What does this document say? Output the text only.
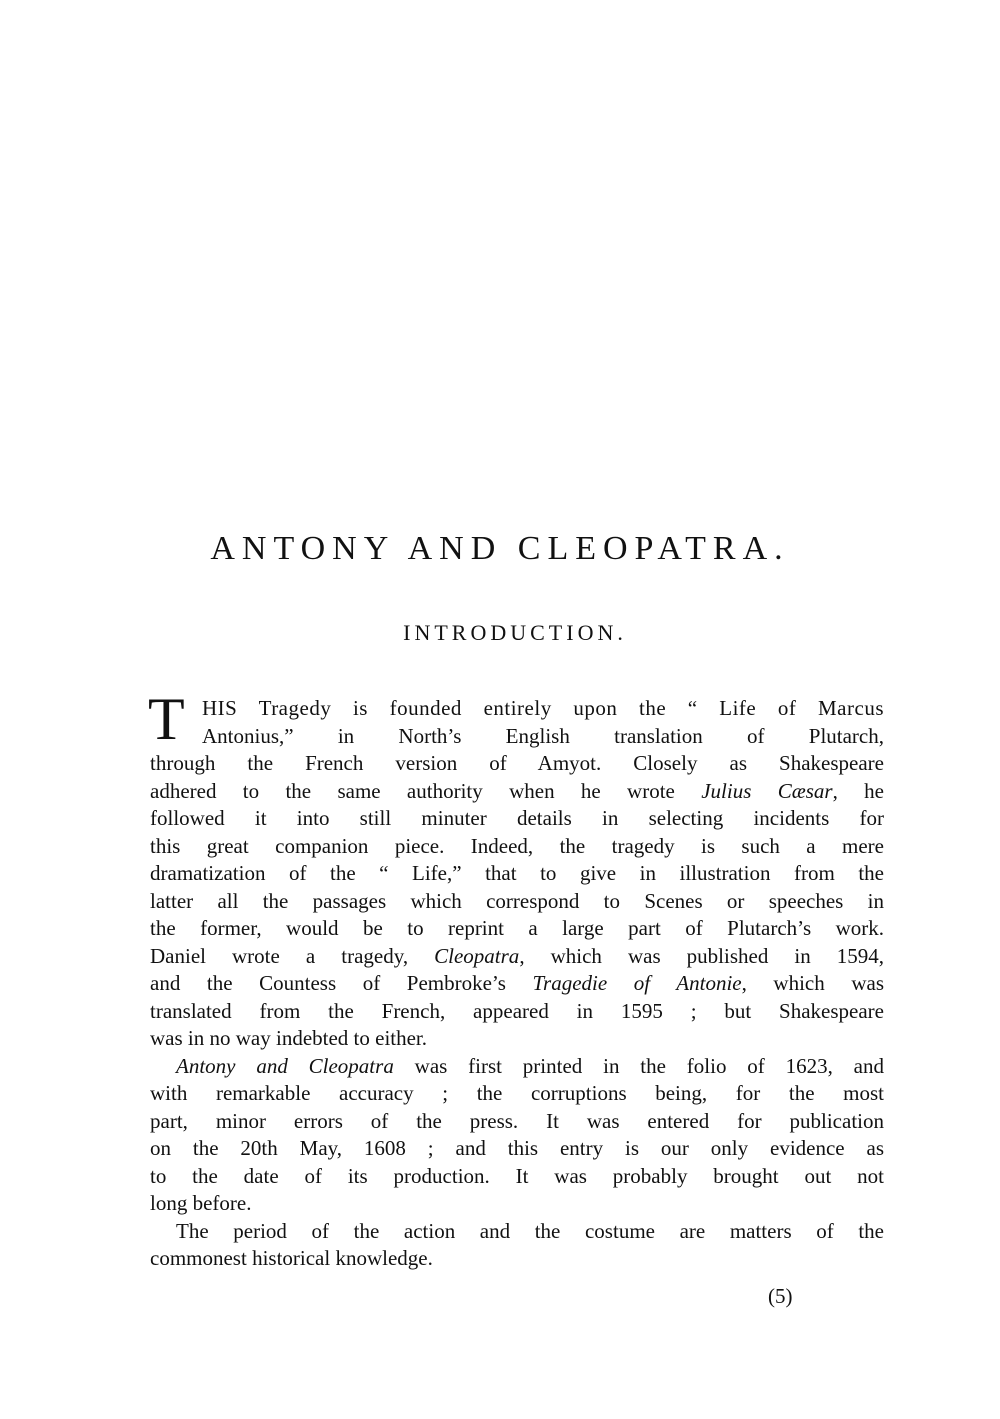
ANTONY AND CLEOPATRA.
INTRODUCTION.
T HIS Tragedy is founded entirely upon the “ Life of Marcus
Antonius,” in North’s English translation of Plutarch,
through the French version of Amyot. Closely as Shakespeare
adhered to the same authority when he wrote Julius Cæsar, he
followed it into still minuter details in selecting incidents for
this great companion piece. Indeed, the tragedy is such a mere
dramatization of the “ Life,” that to give in illustration from the
latter all the passages which correspond to Scenes or speeches in
the former, would be to reprint a large part of Plutarch’s work.
Daniel wrote a tragedy, Cleopatra, which was published in 1594,
and the Countess of Pembroke’s Tragedie of Antonie, which was
translated from the French, appeared in 1595 ; but Shakespeare
was in no way indebted to either.
Antony and Cleopatra was first printed in the folio of 1623, and
with remarkable accuracy ; the corruptions being, for the most
part, minor errors of the press. It was entered for publication
on the 20th May, 1608 ; and this entry is our only evidence as
to the date of its production. It was probably brought out not
long before.
The period of the action and the costume are matters of the
commonest historical knowledge.
(5)
